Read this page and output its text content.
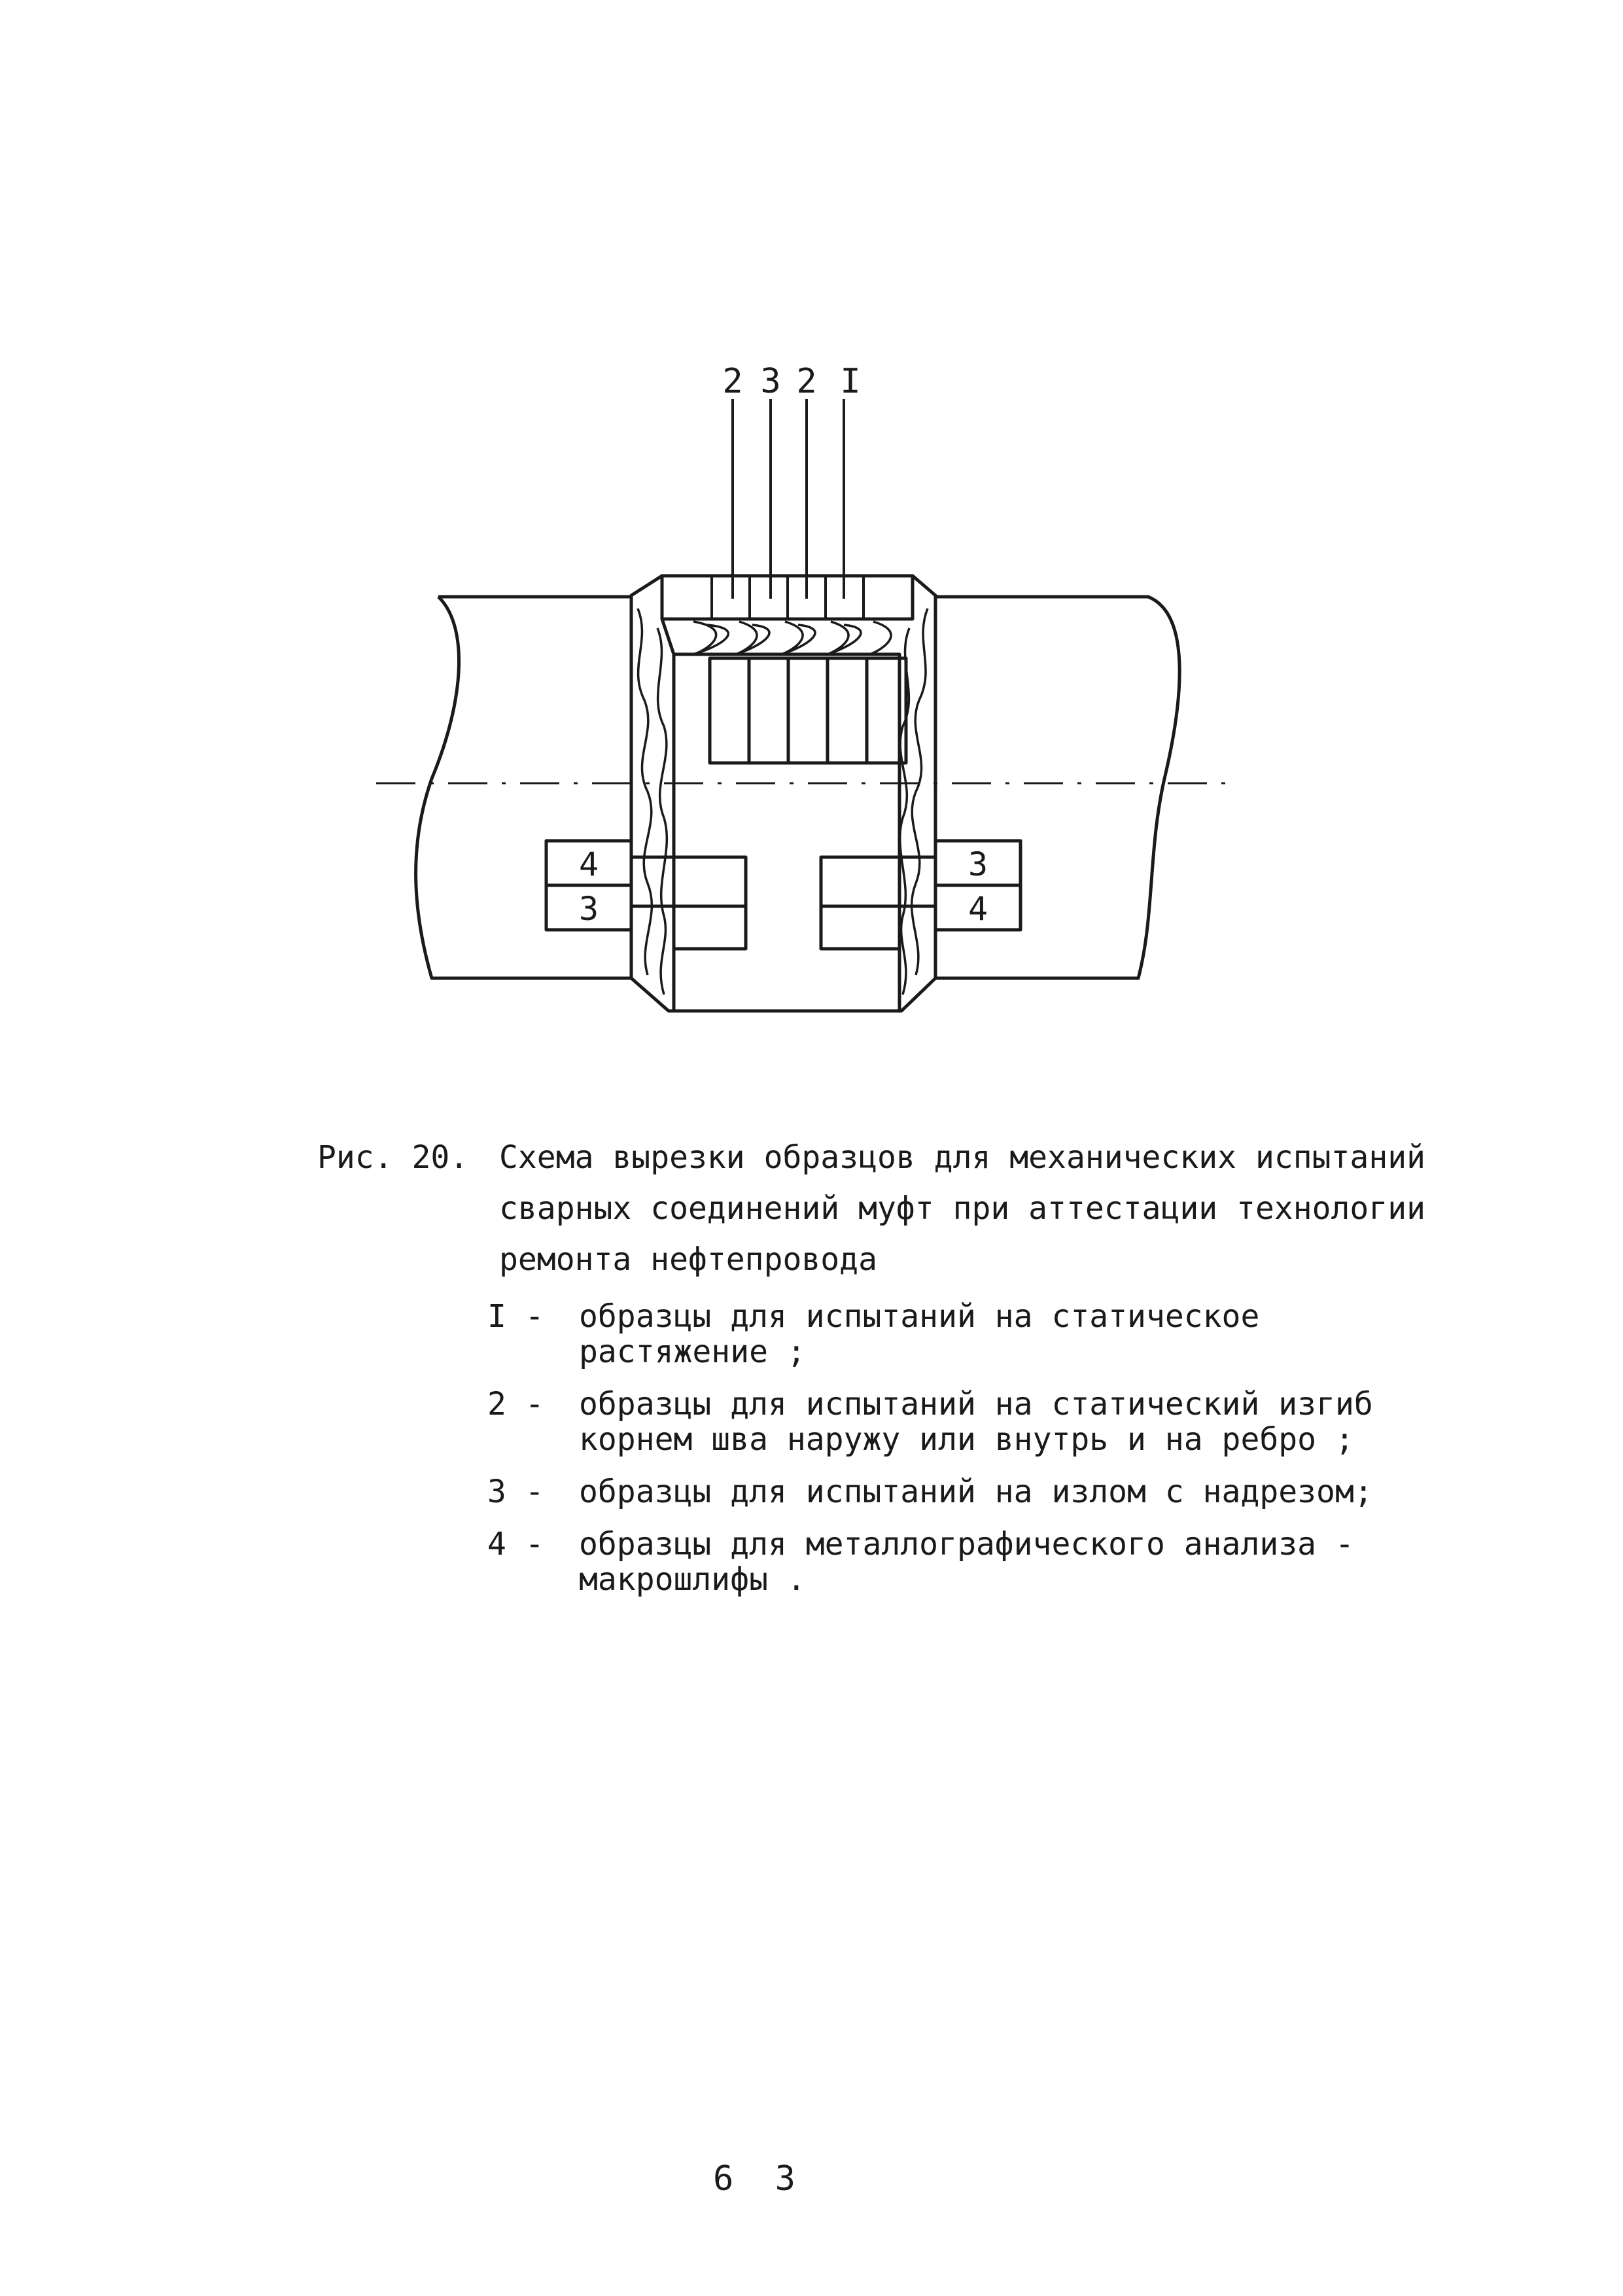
2 3 2 I
4
3
3
4
Рис. 20. Схема вырезки образцов для механических испытаний
сварных соединений муфт при аттестации технологии
ремонта нефтепровода
I - образцы для испытаний на статическое
растяжение ;
2 - образцы для испытаний на статический изгиб
корнем шва наружу или внутрь и на ребро ;
3 - образцы для испытаний на излом с надрезом;
4 - образцы для металлографического анализа -
макрошлифы .
6 3
